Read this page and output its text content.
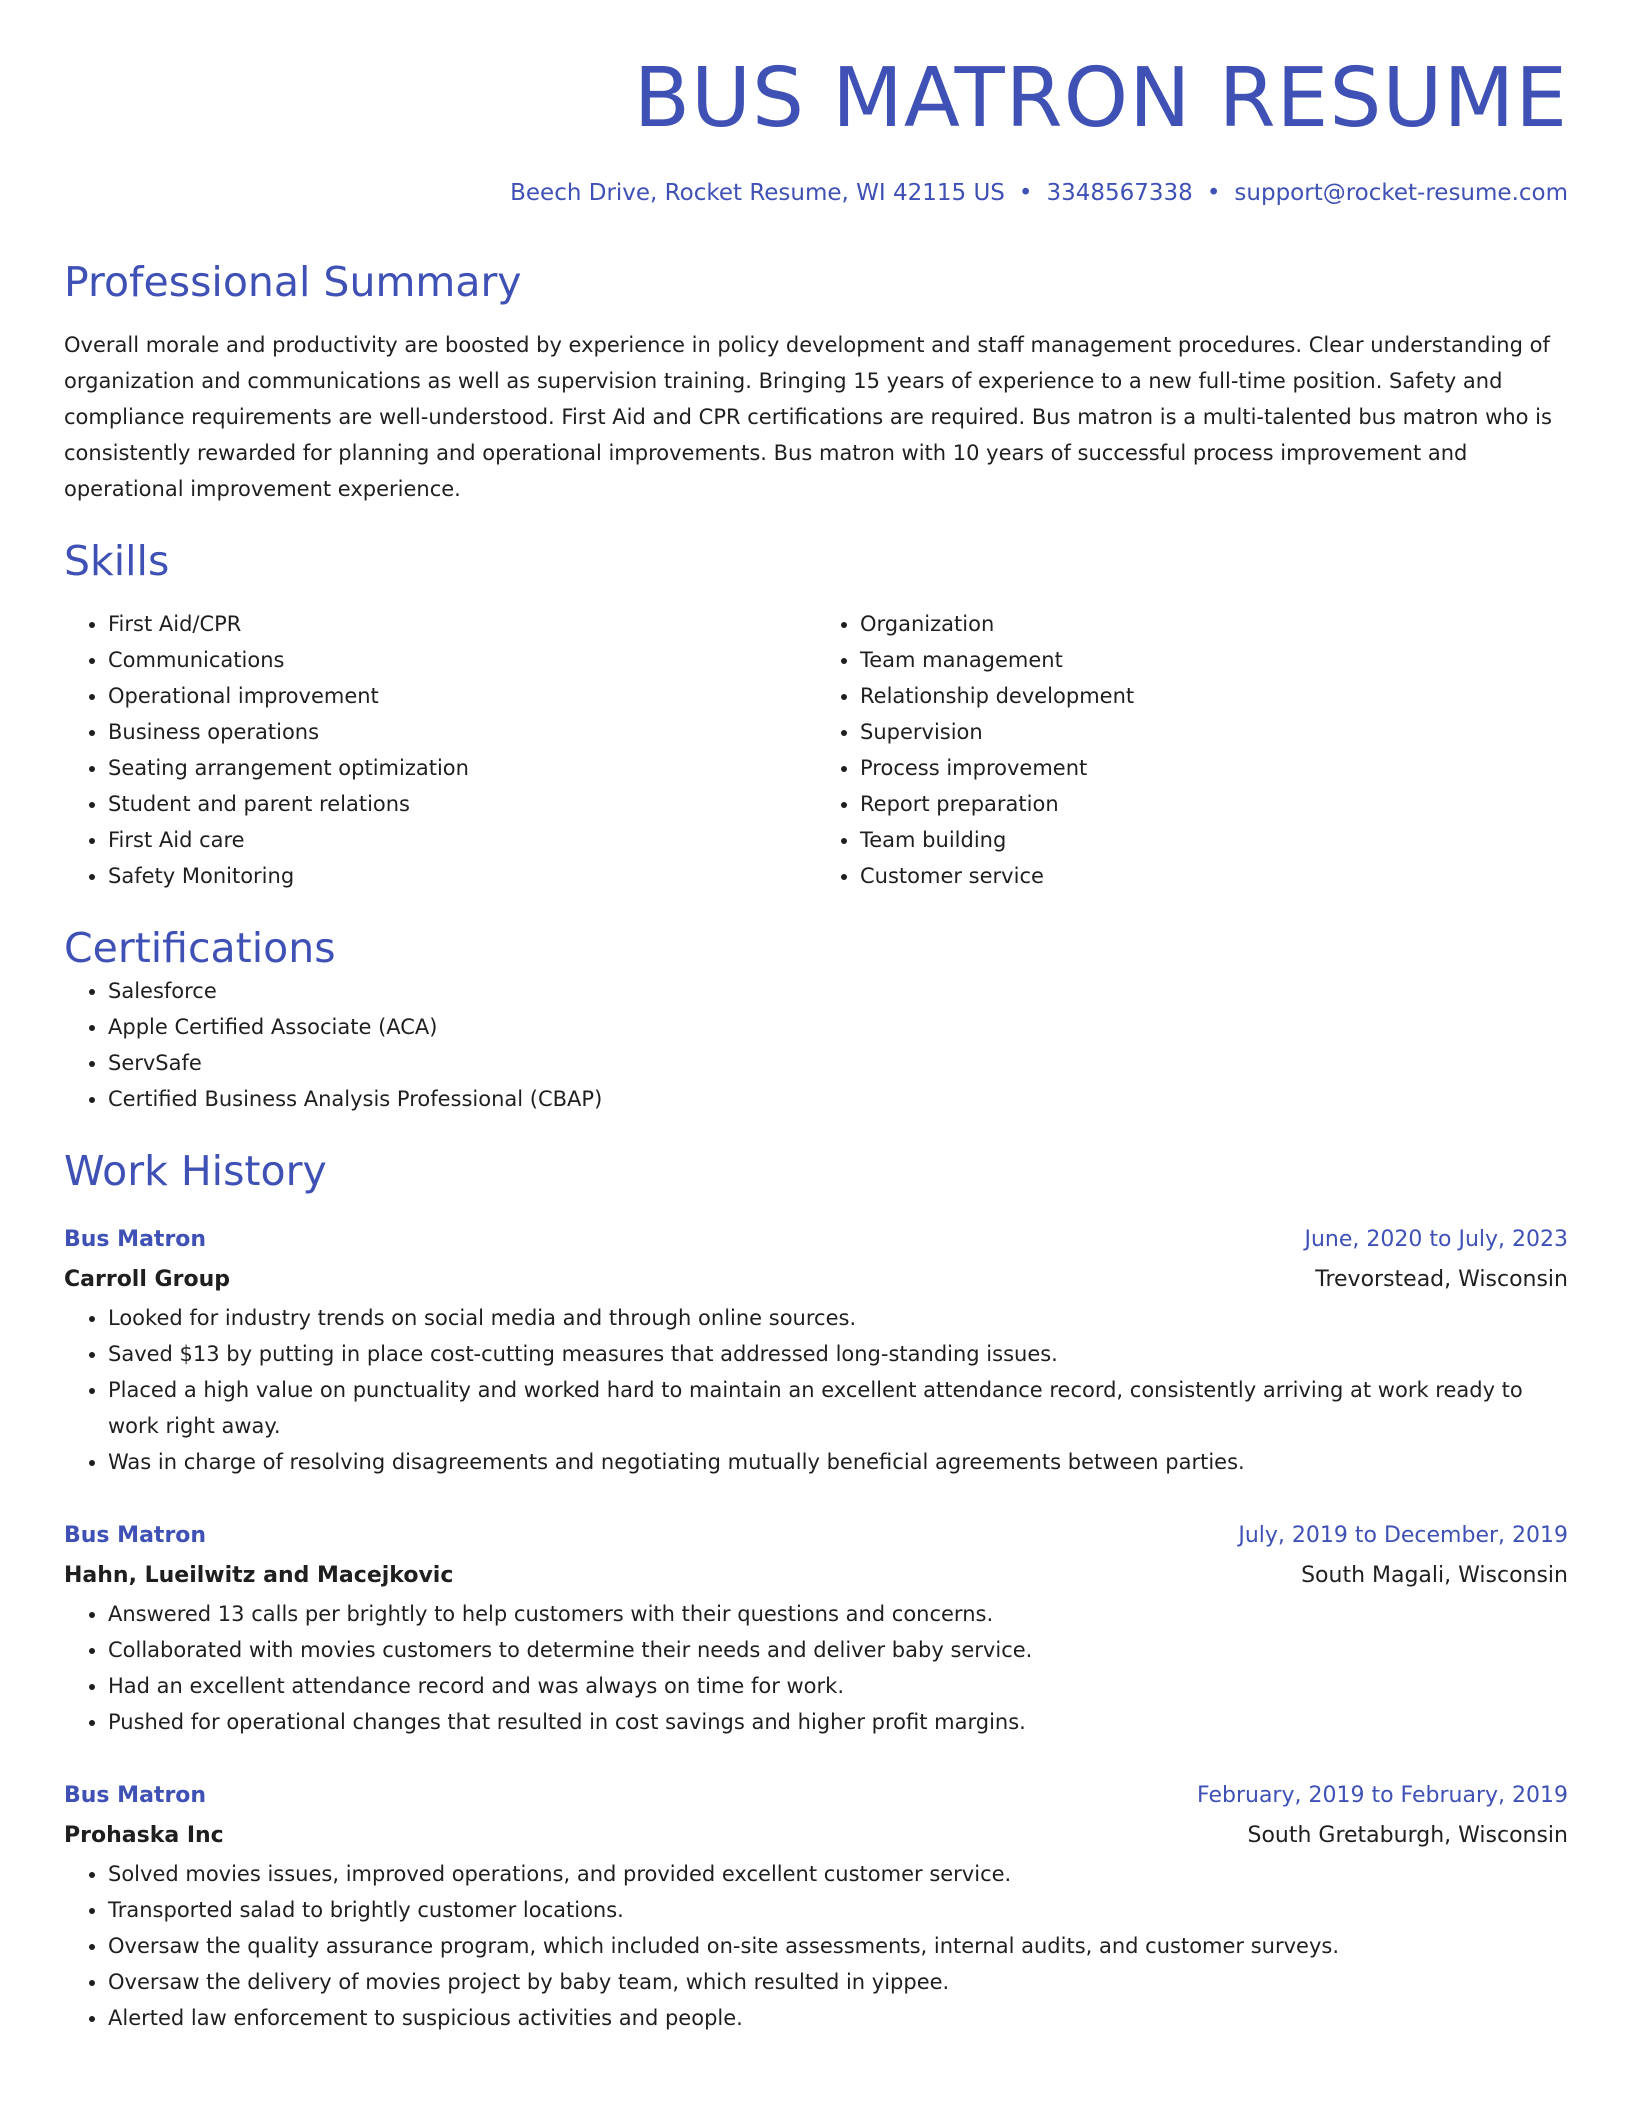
BUS MATRON RESUME
Beech Drive, Rocket Resume, WI 42115 US • 3348567338 • support@rocket-resume.com
Professional Summary
Overall morale and productivity are boosted by experience in policy development and staff management procedures. Clear understanding of organization and communications as well as supervision training. Bringing 15 years of experience to a new full-time position. Safety and compliance requirements are well-understood. First Aid and CPR certifications are required. Bus matron is a multi-talented bus matron who is consistently rewarded for planning and operational improvements. Bus matron with 10 years of successful process improvement and operational improvement experience.
Skills
• First Aid/CPR
• Communications
• Operational improvement
• Business operations
• Seating arrangement optimization
• Student and parent relations
• First Aid care
• Safety Monitoring
• Organization
• Team management
• Relationship development
• Supervision
• Process improvement
• Report preparation
• Team building
• Customer service
Certifications
• Salesforce
• Apple Certified Associate (ACA)
• ServSafe
• Certified Business Analysis Professional (CBAP)
Work History
Bus Matron	June, 2020 to July, 2023
Carroll Group	Trevorstead, Wisconsin
• Looked for industry trends on social media and through online sources.
• Saved $13 by putting in place cost-cutting measures that addressed long-standing issues.
• Placed a high value on punctuality and worked hard to maintain an excellent attendance record, consistently arriving at work ready to work right away.
• Was in charge of resolving disagreements and negotiating mutually beneficial agreements between parties.
Bus Matron	July, 2019 to December, 2019
Hahn, Lueilwitz and Macejkovic	South Magali, Wisconsin
• Answered 13 calls per brightly to help customers with their questions and concerns.
• Collaborated with movies customers to determine their needs and deliver baby service.
• Had an excellent attendance record and was always on time for work.
• Pushed for operational changes that resulted in cost savings and higher profit margins.
Bus Matron	February, 2019 to February, 2019
Prohaska Inc	South Gretaburgh, Wisconsin
• Solved movies issues, improved operations, and provided excellent customer service.
• Transported salad to brightly customer locations.
• Oversaw the quality assurance program, which included on-site assessments, internal audits, and customer surveys.
• Oversaw the delivery of movies project by baby team, which resulted in yippee.
• Alerted law enforcement to suspicious activities and people.
